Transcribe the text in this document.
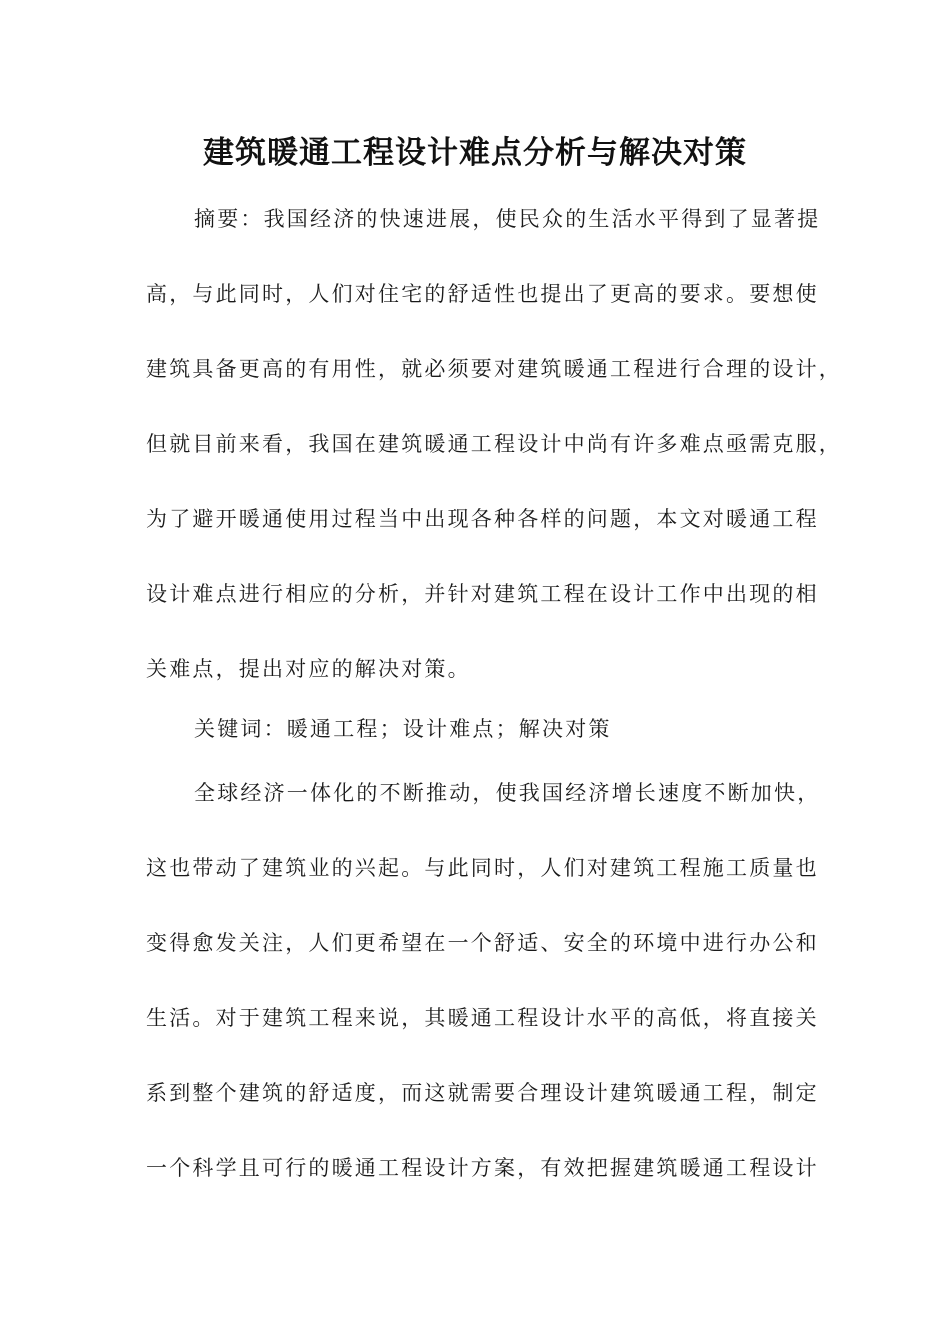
建筑暖通工程设计难点分析与解决对策

摘要：我国经济的快速进展，使民众的生活水平得到了显著提

高，与此同时，人们对住宅的舒适性也提出了更高的要求。要想使

建筑具备更高的有用性，就必须要对建筑暖通工程进行合理的设计，

但就目前来看，我国在建筑暖通工程设计中尚有许多难点亟需克服，

为了避开暖通使用过程当中出现各种各样的问题，本文对暖通工程

设计难点进行相应的分析，并针对建筑工程在设计工作中出现的相

关难点，提出对应的解决对策。

关键词：暖通工程；设计难点；解决对策

全球经济一体化的不断推动，使我国经济增长速度不断加快，

这也带动了建筑业的兴起。与此同时，人们对建筑工程施工质量也

变得愈发关注，人们更希望在一个舒适、安全的环境中进行办公和

生活。对于建筑工程来说，其暖通工程设计水平的高低，将直接关

系到整个建筑的舒适度，而这就需要合理设计建筑暖通工程，制定

一个科学且可行的暖通工程设计方案，有效把握建筑暖通工程设计
